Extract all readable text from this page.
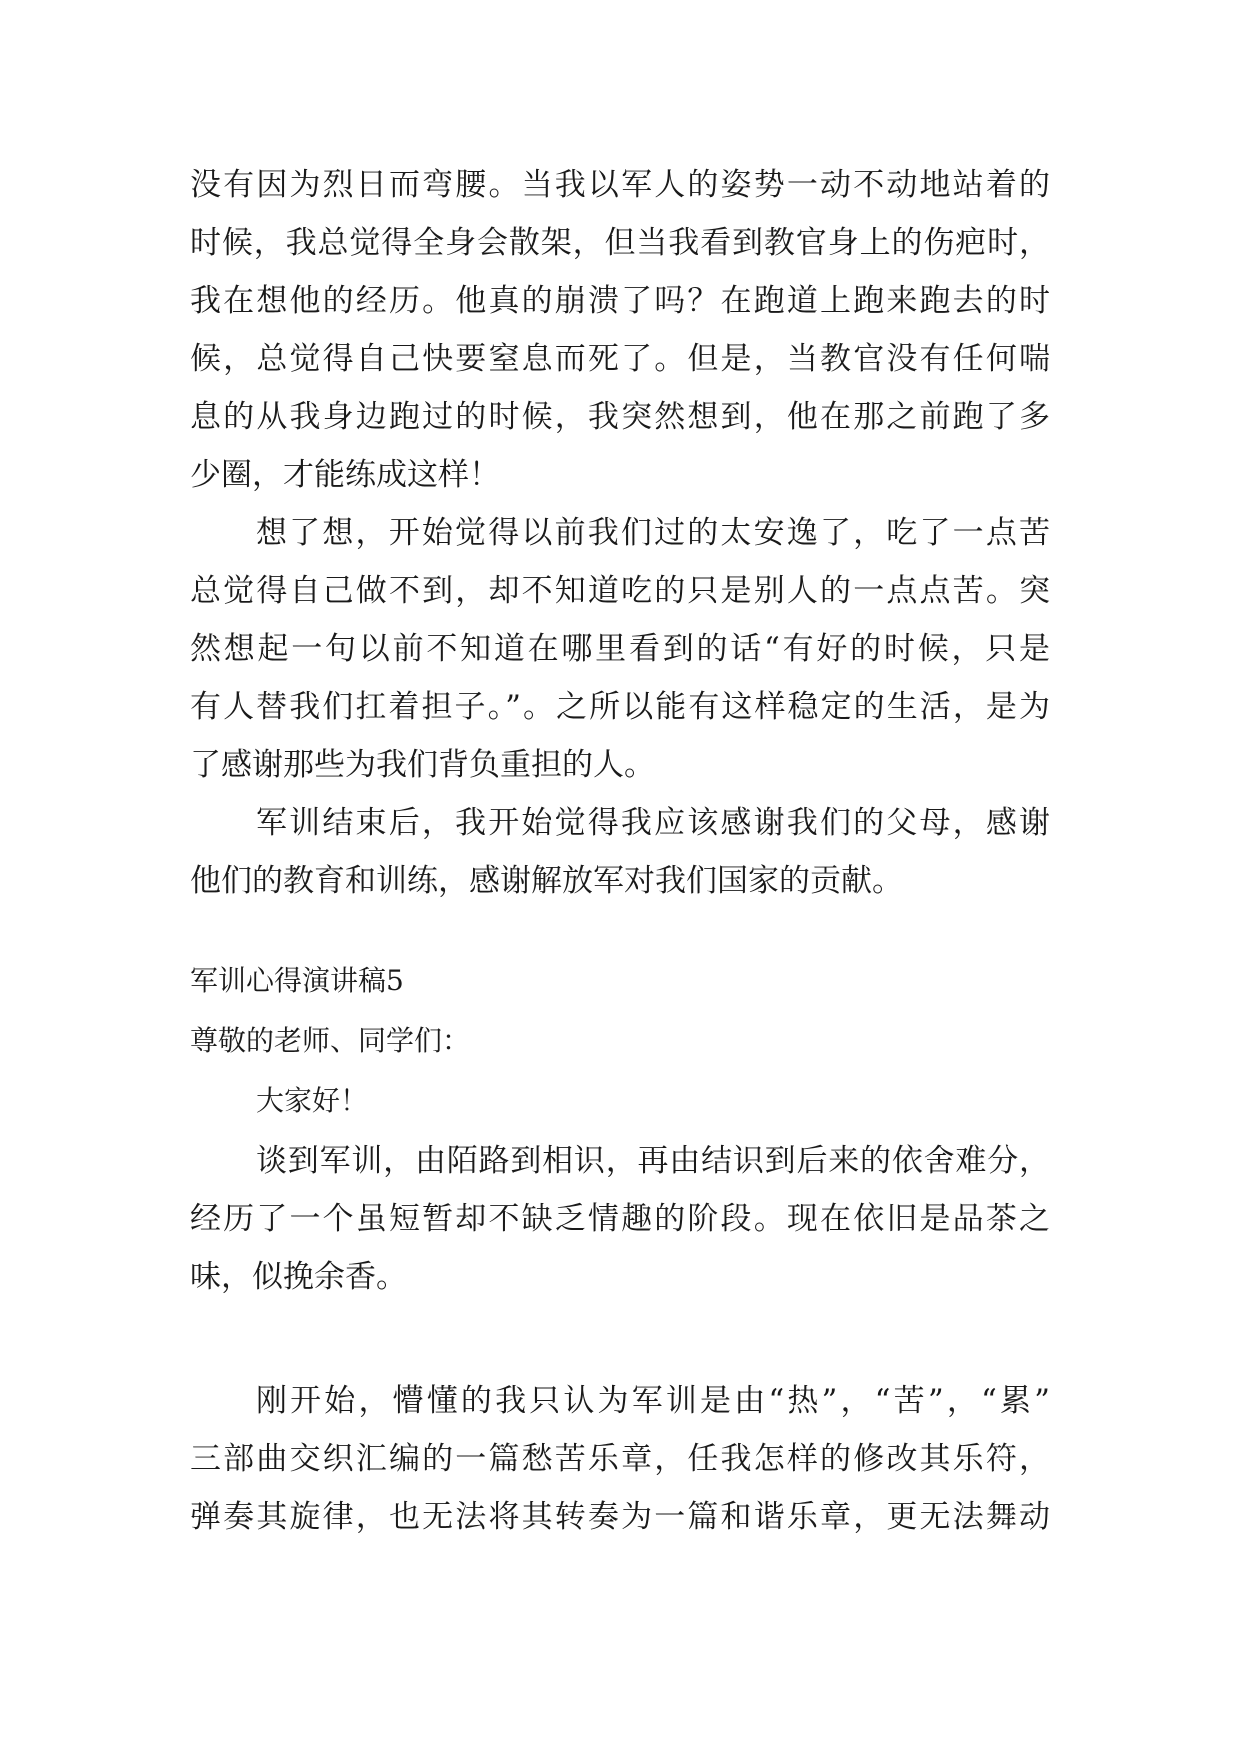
没有因为烈日而弯腰。当我以军人的姿势一动不动地站着的
时候，我总觉得全身会散架，但当我看到教官身上的伤疤时，
我在想他的经历。他真的崩溃了吗？在跑道上跑来跑去的时
候，总觉得自己快要窒息而死了。但是，当教官没有任何喘
息的从我身边跑过的时候，我突然想到，他在那之前跑了多
少圈，才能练成这样！
想了想，开始觉得以前我们过的太安逸了，吃了一点苦
总觉得自己做不到，却不知道吃的只是别人的一点点苦。突
然想起一句以前不知道在哪里看到的话“有好的时候，只是
有人替我们扛着担子。”。之所以能有这样稳定的生活，是为
了感谢那些为我们背负重担的人。
军训结束后，我开始觉得我应该感谢我们的父母，感谢
他们的教育和训练，感谢解放军对我们国家的贡献。
军训心得演讲稿5
尊敬的老师、同学们：
大家好！
谈到军训，由陌路到相识，再由结识到后来的依舍难分，
经历了一个虽短暂却不缺乏情趣的阶段。现在依旧是品茶之
味，似挽余香。
刚开始，懵懂的我只认为军训是由“热”，“苦”，“累”
三部曲交织汇编的一篇愁苦乐章，任我怎样的修改其乐符，
弹奏其旋律，也无法将其转奏为一篇和谐乐章，更无法舞动
